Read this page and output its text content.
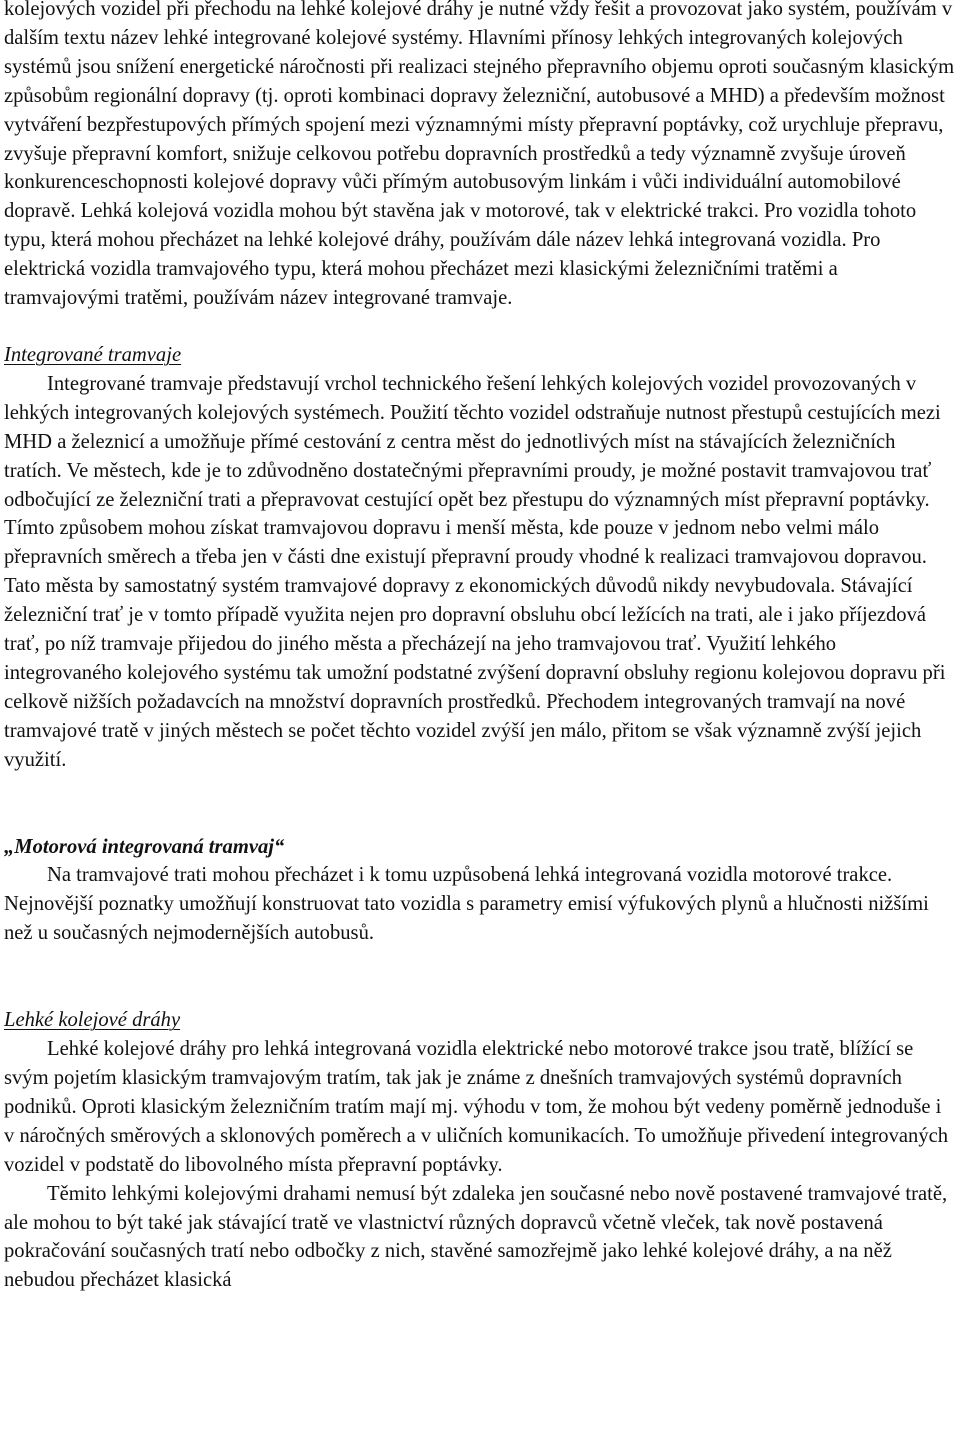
kolejových vozidel při přechodu na lehké kolejové dráhy je nutné vždy řešit a provozovat jako systém, používám v dalším textu název lehké integrované kolejové systémy. Hlavními přínosy lehkých integrovaných kolejových systémů jsou snížení energetické náročnosti při realizaci stejného přepravního objemu oproti současným klasickým způsobům regionální dopravy (tj. oproti kombinaci dopravy železniční, autobusové a MHD) a především možnost vytváření bezpřestupových přímých spojení mezi významnými místy přepravní poptávky, což urychluje přepravu, zvyšuje přepravní komfort, snižuje celkovou potřebu dopravních prostředků a tedy významně zvyšuje úroveň konkurenceschopnosti kolejové dopravy vůči přímým autobusovým linkám i vůči individuální automobilové dopravě. Lehká kolejová vozidla mohou být stavěna jak v motorové, tak v elektrické trakci. Pro vozidla tohoto typu, která mohou přecházet na lehké kolejové dráhy, používám dále název lehká integrovaná vozidla. Pro elektrická vozidla tramvajového typu, která mohou přecházet mezi klasickými železničními tratěmi a tramvajovými tratěmi, používám název integrované tramvaje.

Integrované tramvaje

Integrované tramvaje představují vrchol technického řešení lehkých kolejových vozidel provozovaných v lehkých integrovaných kolejových systémech. Použití těchto vozidel odstraňuje nutnost přestupů cestujících mezi MHD a železnicí a umožňuje přímé cestování z centra měst do jednotlivých míst na stávajících železničních tratích. Ve městech, kde je to zdůvodněno dostatečnými přepravními proudy, je možné postavit tramvajovou trať odbočující ze železniční trati a přepravovat cestující opět bez přestupu do významných míst přepravní poptávky. Tímto způsobem mohou získat tramvajovou dopravu i menší města, kde pouze v jednom nebo velmi málo přepravních směrech a třeba jen v části dne existují přepravní proudy vhodné k realizaci tramvajovou dopravou. Tato města by samostatný systém tramvajové dopravy z ekonomických důvodů nikdy nevybudovala. Stávající železniční trať je v tomto případě využita nejen pro dopravní obsluhu obcí ležících na trati, ale i jako příjezdová trať, po níž tramvaje přijedou do jiného města a přecházejí na jeho tramvajovou trať. Využití lehkého integrovaného kolejového systému tak umožní podstatné zvýšení dopravní obsluhy regionu kolejovou dopravu při celkově nižších požadavcích na množství dopravních prostředků. Přechodem integrovaných tramvají na nové tramvajové tratě v jiných městech se počet těchto vozidel zvýší jen málo, přitom se však významně zvýší jejich využití.

„Motorová integrovaná tramvaj“

Na tramvajové trati mohou přecházet i k tomu uzpůsobená lehká integrovaná vozidla motorové trakce. Nejnovější poznatky umožňují konstruovat tato vozidla s parametry emisí výfukových plynů a hlučnosti nižšími než u současných nejmodernějších autobusů.

Lehké kolejové dráhy

Lehké kolejové dráhy pro lehká integrovaná vozidla elektrické nebo motorové trakce jsou tratě, blížící se svým pojetím klasickým tramvajovým tratím, tak jak je známe z dnešních tramvajových systémů dopravních podniků. Oproti klasickým železničním tratím mají mj. výhodu v tom, že mohou být vedeny poměrně jednoduše i v náročných směrových a sklonových poměrech a v uličních komunikacích. To umožňuje přivedení integrovaných vozidel v podstatě do libovolného místa přepravní poptávky.

Těmito lehkými kolejovými drahami nemusí být zdaleka jen současné nebo nově postavené tramvajové tratě, ale mohou to být také jak stávající tratě ve vlastnictví různých dopravců včetně vleček, tak nově postavená pokračování současných tratí nebo odbočky z nich, stavěné samozřejmě jako lehké kolejové dráhy, a na něž nebudou přecházet klasická
